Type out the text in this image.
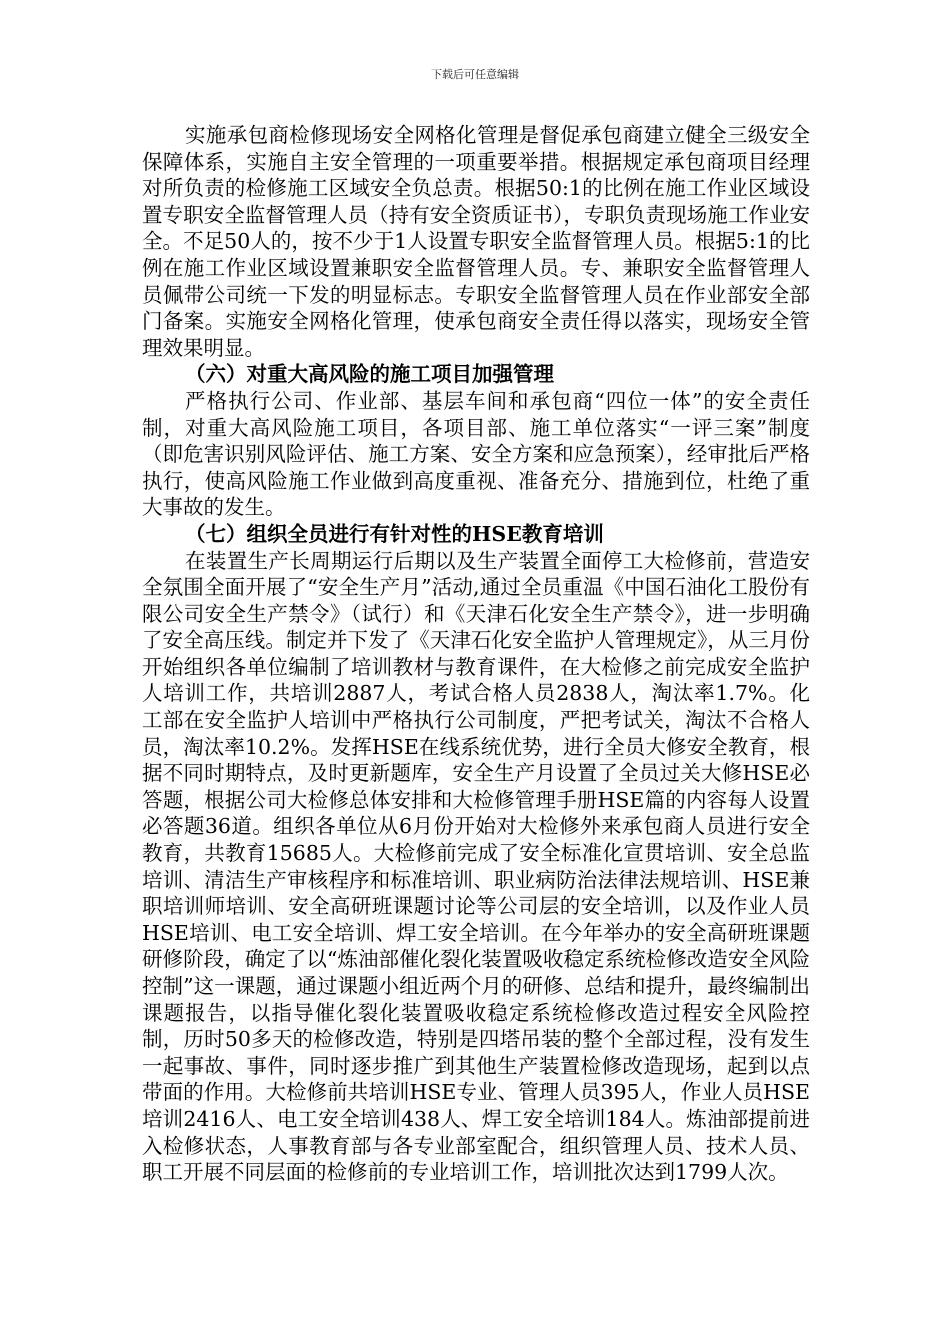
下载后可任意编辑

实施承包商检修现场安全网格化管理是督促承包商建立健全三级安全保障体系，实施自主安全管理的一项重要举措。根据规定承包商项目经理对所负责的检修施工区域安全负总责。根据50:1的比例在施工作业区域设置专职安全监督管理人员（持有安全资质证书），专职负责现场施工作业安全。不足50人的，按不少于1人设置专职安全监督管理人员。根据5:1的比例在施工作业区域设置兼职安全监督管理人员。专、兼职安全监督管理人员佩带公司统一下发的明显标志。专职安全监督管理人员在作业部安全部门备案。实施安全网格化管理，使承包商安全责任得以落实，现场安全管理效果明显。

（六）对重大高风险的施工项目加强管理

严格执行公司、作业部、基层车间和承包商“四位一体”的安全责任制，对重大高风险施工项目，各项目部、施工单位落实“一评三案”制度（即危害识别风险评估、施工方案、安全方案和应急预案），经审批后严格执行，使高风险施工作业做到高度重视、准备充分、措施到位，杜绝了重大事故的发生。

（七）组织全员进行有针对性的HSE教育培训

在装置生产长周期运行后期以及生产装置全面停工大检修前，营造安全氛围全面开展了“安全生产月”活动,通过全员重温《中国石油化工股份有限公司安全生产禁令》（试行）和《天津石化安全生产禁令》，进一步明确了安全高压线。制定并下发了《天津石化安全监护人管理规定》，从三月份开始组织各单位编制了培训教材与教育课件，在大检修之前完成安全监护人培训工作，共培训2887人，考试合格人员2838人，淘汰率1.7%。化工部在安全监护人培训中严格执行公司制度，严把考试关，淘汰不合格人员，淘汰率10.2%。发挥HSE在线系统优势，进行全员大修安全教育，根据不同时期特点，及时更新题库，安全生产月设置了全员过关大修HSE必答题，根据公司大检修总体安排和大检修管理手册HSE篇的内容每人设置必答题36道。组织各单位从6月份开始对大检修外来承包商人员进行安全教育，共教育15685人。大检修前完成了安全标准化宣贯培训、安全总监培训、清洁生产审核程序和标准培训、职业病防治法律法规培训、HSE兼职培训师培训、安全高研班课题讨论等公司层的安全培训，以及作业人员HSE培训、电工安全培训、焊工安全培训。在今年举办的安全高研班课题研修阶段，确定了以“炼油部催化裂化装置吸收稳定系统检修改造安全风险控制”这一课题，通过课题小组近两个月的研修、总结和提升，最终编制出课题报告，以指导催化裂化装置吸收稳定系统检修改造过程安全风险控制，历时50多天的检修改造，特别是四塔吊装的整个全部过程，没有发生一起事故、事件，同时逐步推广到其他生产装置检修改造现场，起到以点带面的作用。大检修前共培训HSE专业、管理人员395人，作业人员HSE培训2416人、电工安全培训438人、焊工安全培训184人。炼油部提前进入检修状态，人事教育部与各专业部室配合，组织管理人员、技术人员、职工开展不同层面的检修前的专业培训工作，培训批次达到1799人次。
